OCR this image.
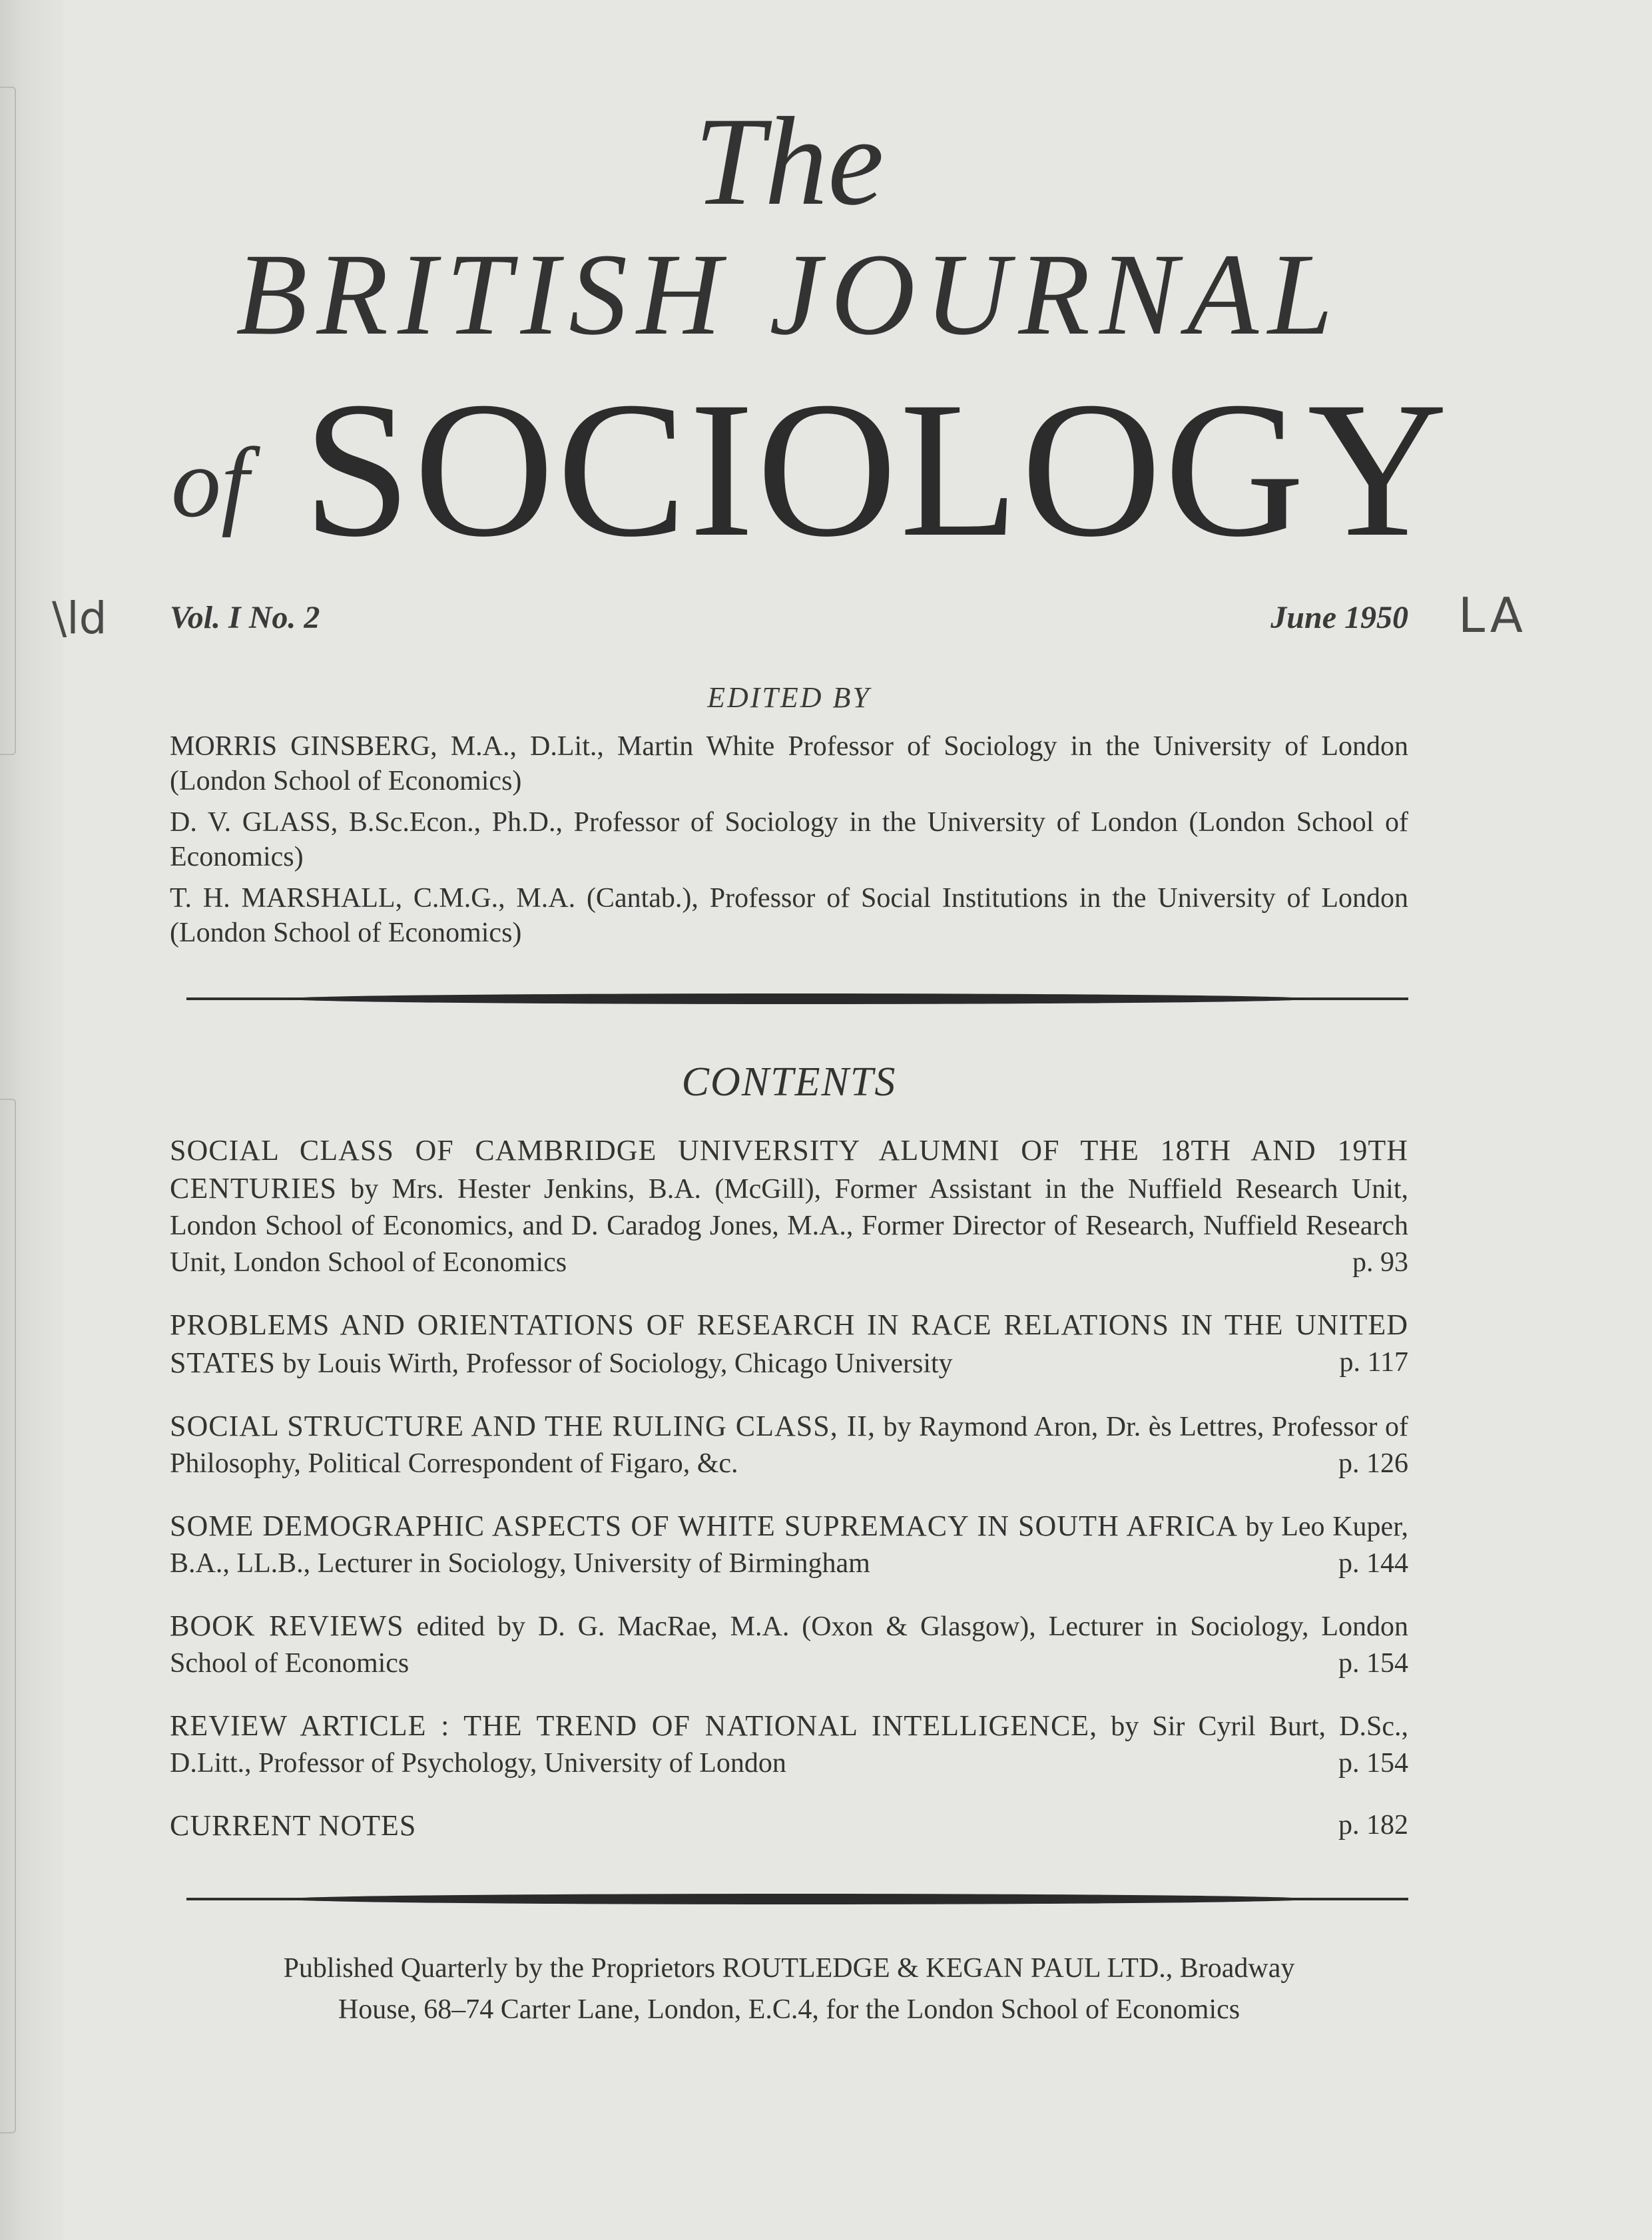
\ld	LA
The
BRITISH JOURNAL
of SOCIOLOGY
Vol. I No. 2	June 1950
EDITED BY
MORRIS GINSBERG, M.A., D.Lit., Martin White Professor of Sociology in the University of London (London School of Economics)
D. V. GLASS, B.Sc.Econ., Ph.D., Professor of Sociology in the University of London (London School of Economics)
T. H. MARSHALL, C.M.G., M.A. (Cantab.), Professor of Social Institutions in the University of London (London School of Economics)
CONTENTS
SOCIAL CLASS OF CAMBRIDGE UNIVERSITY ALUMNI OF THE 18TH AND 19TH CENTURIES by Mrs. Hester Jenkins, B.A. (McGill), Former Assistant in the Nuffield Research Unit, London School of Economics, and D. Caradog Jones, M.A., Former Director of Research, Nuffield Research Unit, London School of Economics	p. 93
PROBLEMS AND ORIENTATIONS OF RESEARCH IN RACE RELATIONS IN THE UNITED STATES by Louis Wirth, Professor of Sociology, Chicago University	p. 117
SOCIAL STRUCTURE AND THE RULING CLASS, II, by Raymond Aron, Dr. ès Lettres, Professor of Philosophy, Political Correspondent of Figaro, &c.	p. 126
SOME DEMOGRAPHIC ASPECTS OF WHITE SUPREMACY IN SOUTH AFRICA by Leo Kuper, B.A., LL.B., Lecturer in Sociology, University of Birmingham	p. 144
BOOK REVIEWS edited by D. G. MacRae, M.A. (Oxon & Glasgow), Lecturer in Sociology, London School of Economics	p. 154
REVIEW ARTICLE : THE TREND OF NATIONAL INTELLIGENCE, by Sir Cyril Burt, D.Sc., D.Litt., Professor of Psychology, University of London	p. 154
CURRENT NOTES	p. 182
Published Quarterly by the Proprietors ROUTLEDGE & KEGAN PAUL LTD., Broadway
House, 68–74 Carter Lane, London, E.C.4, for the London School of Economics
